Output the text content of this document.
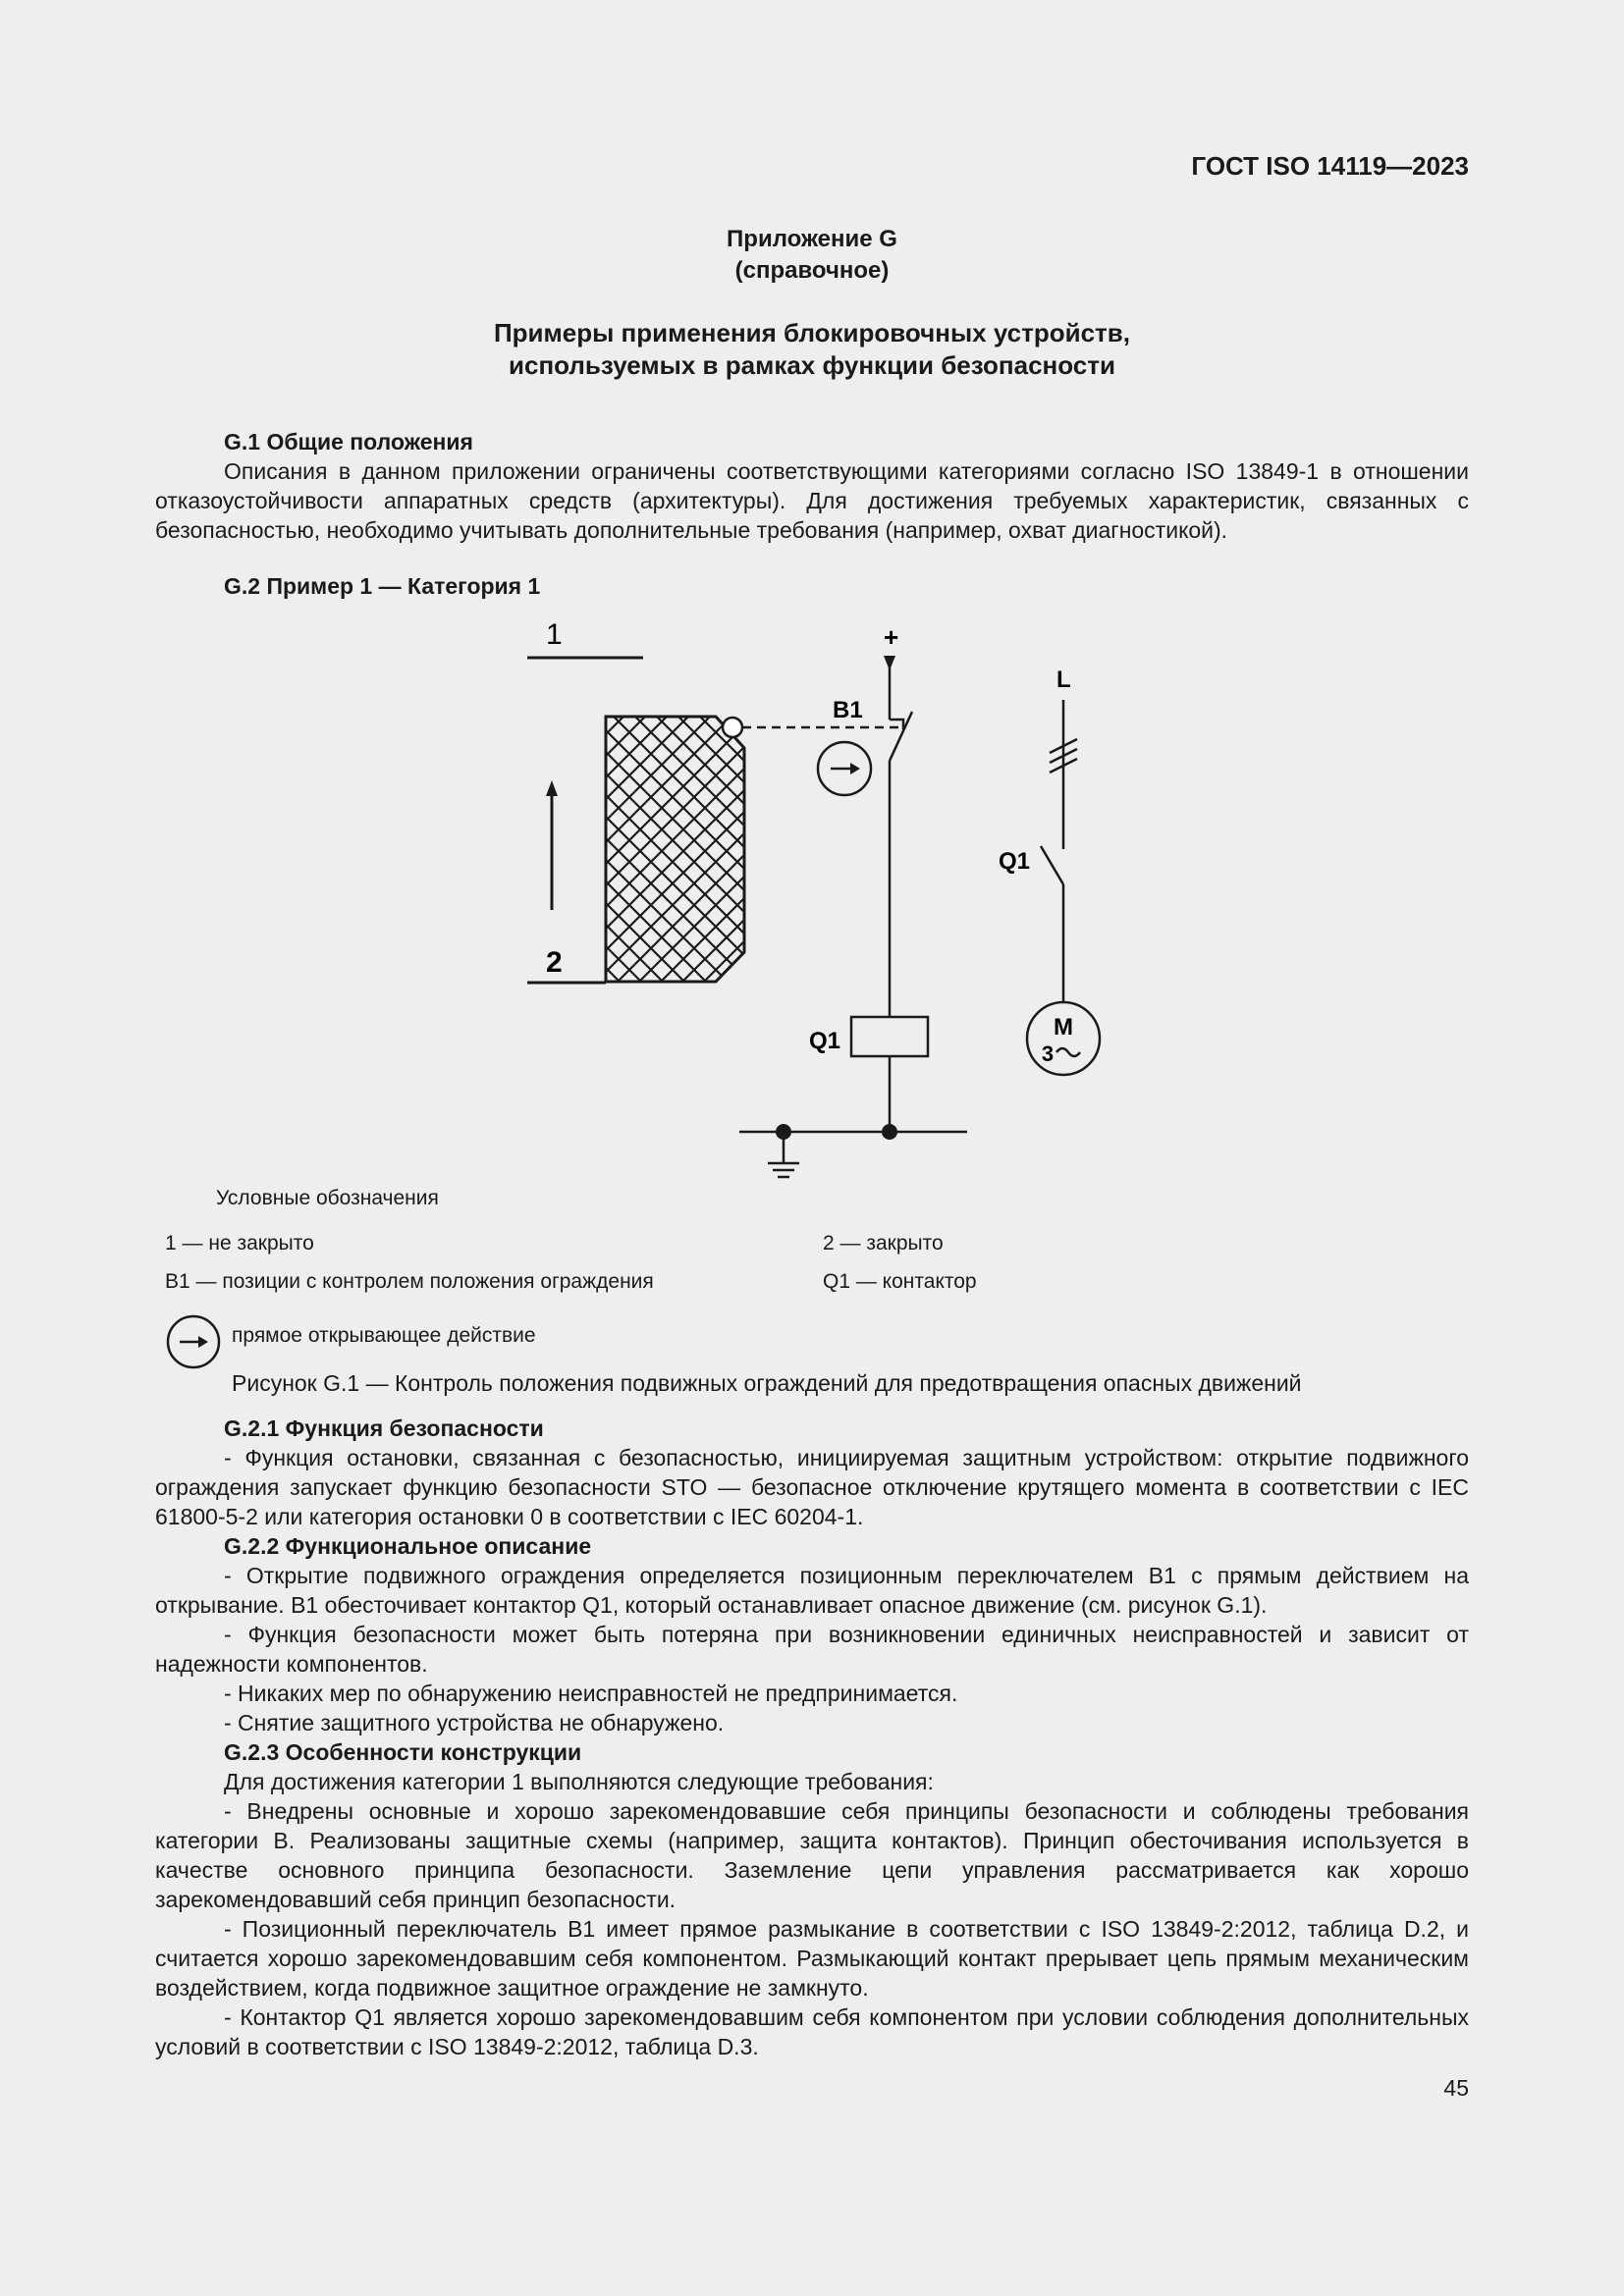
ГОСТ ISO 14119—2023
Приложение G
(справочное)
Примеры применения блокировочных устройств,
используемых в рамках функции безопасности
G.1 Общие положения

Описания в данном приложении ограничены соответствующими категориями согласно ISO 13849-1 в отношении отказоустойчивости аппаратных средств (архитектуры). Для достижения требуемых характеристик, связанных с безопасностью, необходимо учитывать дополнительные требования (например, охват диагностикой).

G.2 Пример 1 — Категория 1
1
2
B1
+
Q1
L
Q1
M
3
Условные обозначения
1 — не закрыто	2 — закрыто
B1 — позиции с контролем положения ограждения	Q1 — контактор
прямое открывающее действие
Рисунок G.1 — Контроль положения подвижных ограждений для предотвращения опасных движений
G.2.1 Функция безопасности

- Функция остановки, связанная с безопасностью, инициируемая защитным устройством: открытие подвижного ограждения запускает функцию безопасности STO — безопасное отключение крутящего момента в соответствии с IEC 61800-5-2 или категория остановки 0 в соответствии с IEC 60204-1.

G.2.2 Функциональное описание

- Открытие подвижного ограждения определяется позиционным переключателем B1 с прямым действием на открывание. B1 обесточивает контактор Q1, который останавливает опасное движение (см. рисунок G.1).

- Функция безопасности может быть потеряна при возникновении единичных неисправностей и зависит от надежности компонентов.

- Никаких мер по обнаружению неисправностей не предпринимается.

- Снятие защитного устройства не обнаружено.

G.2.3 Особенности конструкции

Для достижения категории 1 выполняются следующие требования:

- Внедрены основные и хорошо зарекомендовавшие себя принципы безопасности и соблюдены требования категории B. Реализованы защитные схемы (например, защита контактов). Принцип обесточивания используется в качестве основного принципа безопасности. Заземление цепи управления рассматривается как хорошо зарекомендовавший себя принцип безопасности.

- Позиционный переключатель B1 имеет прямое размыкание в соответствии с ISO 13849-2:2012, таблица D.2, и считается хорошо зарекомендовавшим себя компонентом. Размыкающий контакт прерывает цепь прямым механическим воздействием, когда подвижное защитное ограждение не замкнуто.

- Контактор Q1 является хорошо зарекомендовавшим себя компонентом при условии соблюдения дополнительных условий в соответствии с ISO 13849-2:2012, таблица D.3.

45
